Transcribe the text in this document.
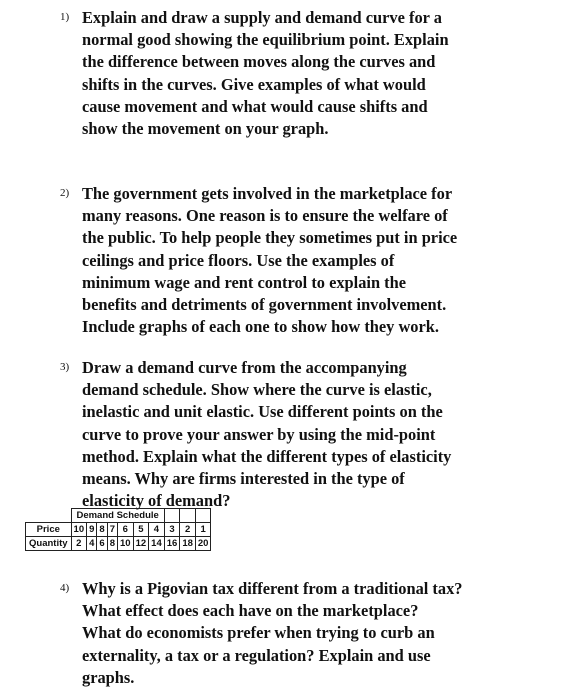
1) Explain and draw a supply and demand curve for a
normal good showing the equilibrium point. Explain
the difference between moves along the curves and
shifts in the curves. Give examples of what would
cause movement and what would cause shifts and
show the movement on your graph.
2) The government gets involved in the marketplace for
many reasons. One reason is to ensure the welfare of
the public. To help people they sometimes put in price
ceilings and price floors. Use the examples of
minimum wage and rent control to explain the
benefits and detriments of government involvement.
Include graphs of each one to show how they work.
3) Draw a demand curve from the accompanying
demand schedule. Show where the curve is elastic,
inelastic and unit elastic. Use different points on the
curve to prove your answer by using the mid-point
method. Explain what the different types of elasticity
means. Why are firms interested in the type of
elasticity of demand?
	Demand Schedule									
Price	10	9	8	7	6	5	4	3	2	1
Quantity	2	4	6	8	10	12	14	16	18	20
4) Why is a Pigovian tax different from a traditional tax?
What effect does each have on the marketplace?
What do economists prefer when trying to curb an
externality, a tax or a regulation? Explain and use
graphs.
